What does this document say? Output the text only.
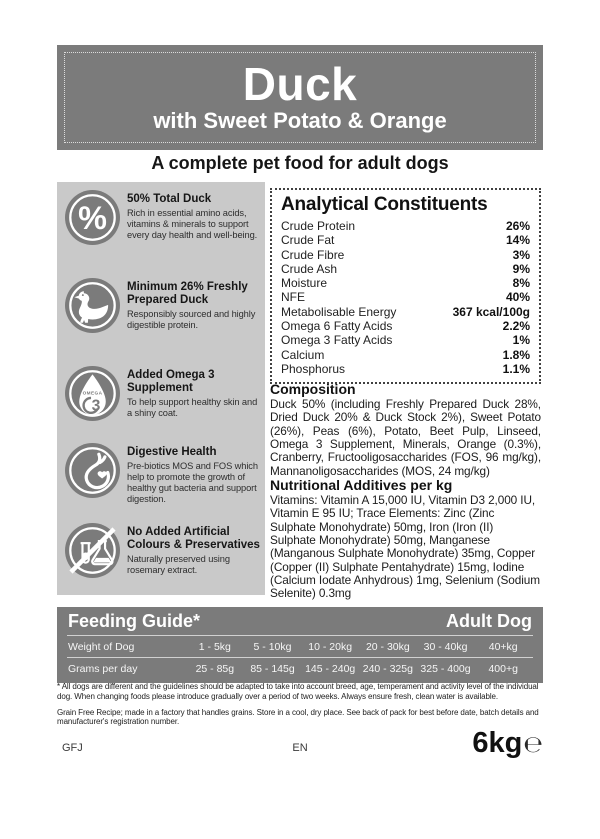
Duck
with Sweet Potato & Orange
A complete pet food for adult dogs
%
50% Total Duck
Rich in essential amino acids, vitamins & minerals to support every day health and well-being.
Minimum 26% Freshly Prepared Duck
Responsibly sourced and highly digestible protein.
OMEGA
3
Added Omega 3 Supplement
To help support healthy skin and a shiny coat.
Digestive Health
Pre-biotics MOS and FOS which help to promote the growth of healthy gut bacteria and support digestion.
No Added Artificial Colours & Preservatives
Naturally preserved using rosemary extract.
Analytical Constituents
Crude Protein	26%
Crude Fat	14%
Crude Fibre	3%
Crude Ash	9%
Moisture	8%
NFE	40%
Metabolisable Energy	367 kcal/100g
Omega 6 Fatty Acids	2.2%
Omega 3 Fatty Acids	1%
Calcium	1.8%
Phosphorus	1.1%
Composition
Duck 50% (including Freshly Prepared Duck 28%, Dried Duck 20% & Duck Stock 2%), Sweet Potato (26%), Peas (6%), Potato, Beet Pulp, Linseed, Omega 3 Supplement, Minerals, Orange (0.3%), Cranberry, Fructooligosaccharides (FOS, 96 mg/kg), Mannanoligosaccharides (MOS, 24 mg/kg)
Nutritional Additives per kg
Vitamins: Vitamin A 15,000 IU, Vitamin D3 2,000 IU, Vitamin E 95 IU; Trace Elements: Zinc (Zinc Sulphate Monohydrate) 50mg, Iron (Iron (II) Sulphate Monohydrate) 50mg, Manganese (Manganous Sulphate Monohydrate) 35mg, Copper (Copper (II) Sulphate Pentahydrate) 15mg, Iodine (Calcium Iodate Anhydrous) 1mg, Selenium (Sodium Selenite) 0.3mg
Feeding Guide*	Adult Dog
Weight of Dog	1 - 5kg	5 - 10kg	10 - 20kg	20 - 30kg	30 - 40kg	40+kg
Grams per day	25 - 85g	85 - 145g 145 - 240g 240 - 325g 325 - 400g	400+g

* All dogs are different and the guidelines should be adapted to take into account breed, age, temperament and activity level of the individual dog. When changing foods please introduce gradually over a period of two weeks. Always ensure fresh, clean water is available.

Grain Free Recipe; made in a factory that handles grains. Store in a cool, dry place. See back of pack for best before date, batch details and manufacturer's registration number.

GFJ	EN	6kg ℮
